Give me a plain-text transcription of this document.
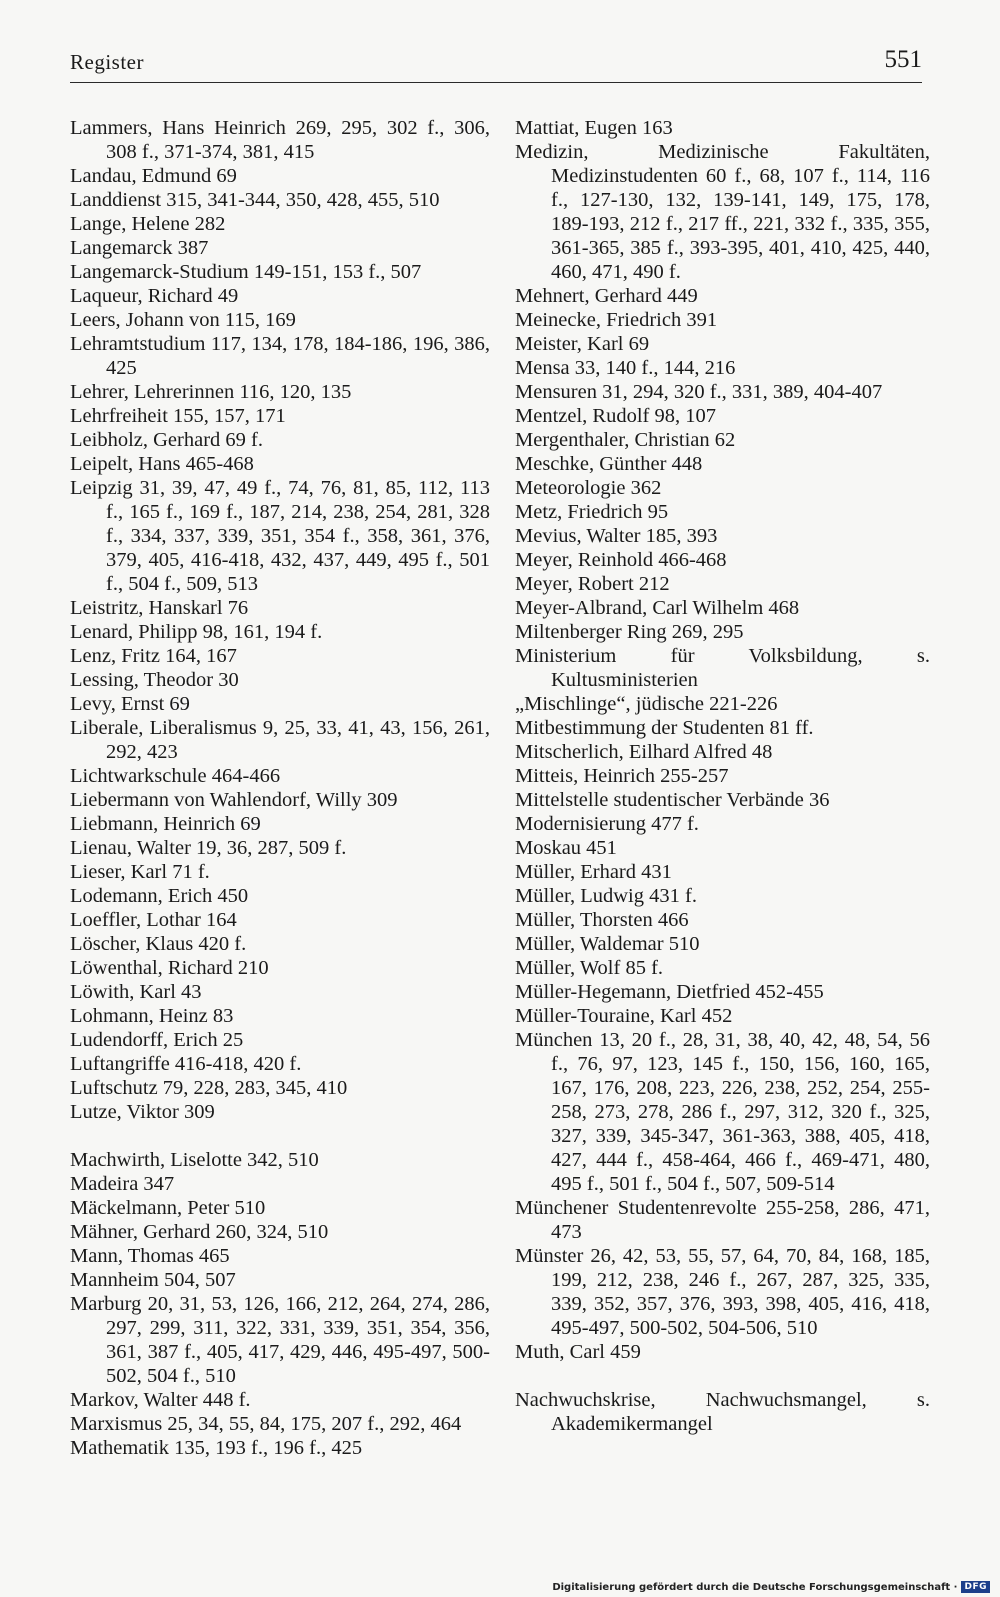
Register	551
Lammers, Hans Heinrich 269, 295, 302 f., 306, 308 f., 371-374, 381, 415
Landau, Edmund 69
Landdienst 315, 341-344, 350, 428, 455, 510
Lange, Helene 282
Langemarck 387
Langemarck-Studium 149-151, 153 f., 507
Laqueur, Richard 49
Leers, Johann von 115, 169
Lehramtstudium 117, 134, 178, 184-186, 196, 386, 425
Lehrer, Lehrerinnen 116, 120, 135
Lehrfreiheit 155, 157, 171
Leibholz, Gerhard 69 f.
Leipelt, Hans 465-468
Leipzig 31, 39, 47, 49 f., 74, 76, 81, 85, 112, 113 f., 165 f., 169 f., 187, 214, 238, 254, 281, 328 f., 334, 337, 339, 351, 354 f., 358, 361, 376, 379, 405, 416-418, 432, 437, 449, 495 f., 501 f., 504 f., 509, 513
Leistritz, Hanskarl 76
Lenard, Philipp 98, 161, 194 f.
Lenz, Fritz 164, 167
Lessing, Theodor 30
Levy, Ernst 69
Liberale, Liberalismus 9, 25, 33, 41, 43, 156, 261, 292, 423
Lichtwarkschule 464-466
Liebermann von Wahlendorf, Willy 309
Liebmann, Heinrich 69
Lienau, Walter 19, 36, 287, 509 f.
Lieser, Karl 71 f.
Lodemann, Erich 450
Loeffler, Lothar 164
Löscher, Klaus 420 f.
Löwenthal, Richard 210
Löwith, Karl 43
Lohmann, Heinz 83
Ludendorff, Erich 25
Luftangriffe 416-418, 420 f.
Luftschutz 79, 228, 283, 345, 410
Lutze, Viktor 309
Machwirth, Liselotte 342, 510
Madeira 347
Mäckelmann, Peter 510
Mähner, Gerhard 260, 324, 510
Mann, Thomas 465
Mannheim 504, 507
Marburg 20, 31, 53, 126, 166, 212, 264, 274, 286, 297, 299, 311, 322, 331, 339, 351, 354, 356, 361, 387 f., 405, 417, 429, 446, 495-497, 500-502, 504 f., 510
Markov, Walter 448 f.
Marxismus 25, 34, 55, 84, 175, 207 f., 292, 464
Mathematik 135, 193 f., 196 f., 425
Mattiat, Eugen 163
Medizin, Medizinische Fakultäten, Medizinstudenten 60 f., 68, 107 f., 114, 116 f., 127-130, 132, 139-141, 149, 175, 178, 189-193, 212 f., 217 ff., 221, 332 f., 335, 355, 361-365, 385 f., 393-395, 401, 410, 425, 440, 460, 471, 490 f.
Mehnert, Gerhard 449
Meinecke, Friedrich 391
Meister, Karl 69
Mensa 33, 140 f., 144, 216
Mensuren 31, 294, 320 f., 331, 389, 404-407
Mentzel, Rudolf 98, 107
Mergenthaler, Christian 62
Meschke, Günther 448
Meteorologie 362
Metz, Friedrich 95
Mevius, Walter 185, 393
Meyer, Reinhold 466-468
Meyer, Robert 212
Meyer-Albrand, Carl Wilhelm 468
Miltenberger Ring 269, 295
Ministerium für Volksbildung, s. Kultusministerien
„Mischlinge“, jüdische 221-226
Mitbestimmung der Studenten 81 ff.
Mitscherlich, Eilhard Alfred 48
Mitteis, Heinrich 255-257
Mittelstelle studentischer Verbände 36
Modernisierung 477 f.
Moskau 451
Müller, Erhard 431
Müller, Ludwig 431 f.
Müller, Thorsten 466
Müller, Waldemar 510
Müller, Wolf 85 f.
Müller-Hegemann, Dietfried 452-455
Müller-Touraine, Karl 452
München 13, 20 f., 28, 31, 38, 40, 42, 48, 54, 56 f., 76, 97, 123, 145 f., 150, 156, 160, 165, 167, 176, 208, 223, 226, 238, 252, 254, 255-258, 273, 278, 286 f., 297, 312, 320 f., 325, 327, 339, 345-347, 361-363, 388, 405, 418, 427, 444 f., 458-464, 466 f., 469-471, 480, 495 f., 501 f., 504 f., 507, 509-514
Münchener Studentenrevolte 255-258, 286, 471, 473
Münster 26, 42, 53, 55, 57, 64, 70, 84, 168, 185, 199, 212, 238, 246 f., 267, 287, 325, 335, 339, 352, 357, 376, 393, 398, 405, 416, 418, 495-497, 500-502, 504-506, 510
Muth, Carl 459
Nachwuchskrise, Nachwuchsmangel, s. Akademikermangel
Digitalisierung gefördert durch die Deutsche Forschungsgemeinschaft · DFG
